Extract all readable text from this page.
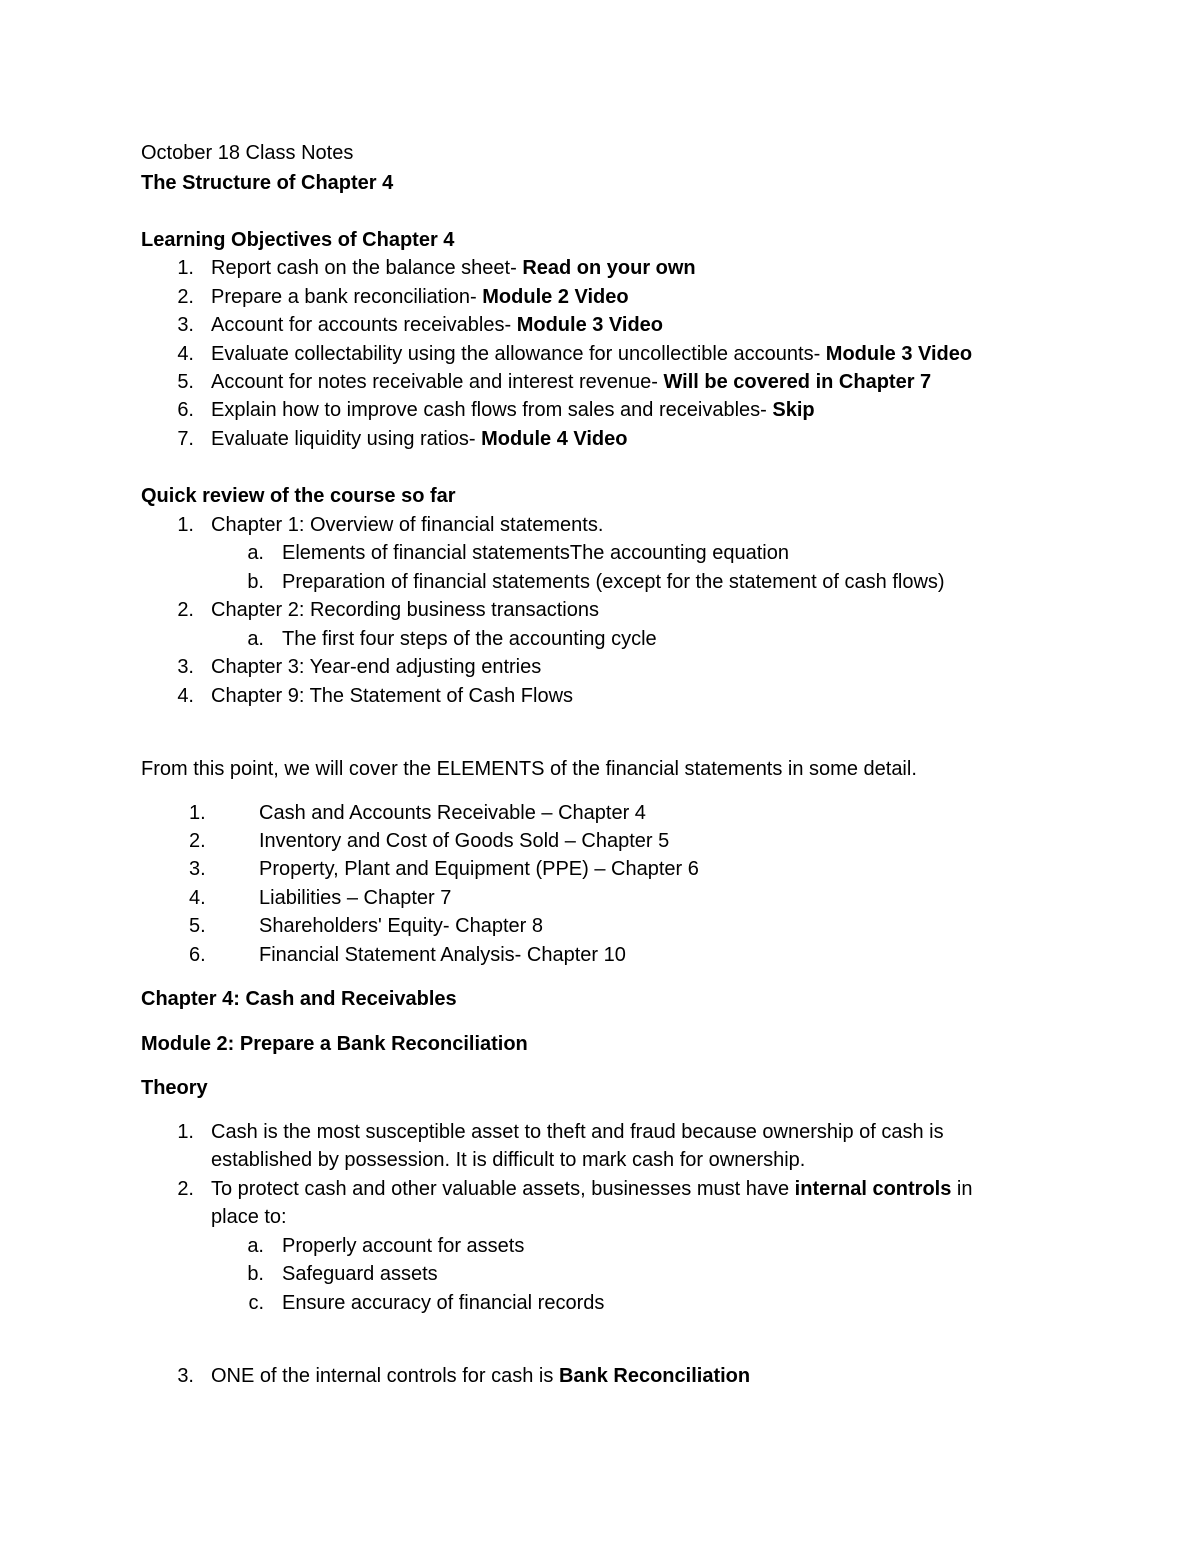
October 18 Class Notes
The Structure of Chapter 4
Learning Objectives of Chapter 4
1. Report cash on the balance sheet- Read on your own
2. Prepare a bank reconciliation- Module 2 Video
3. Account for accounts receivables- Module 3 Video
4. Evaluate collectability using the allowance for uncollectible accounts- Module 3 Video
5. Account for notes receivable and interest revenue- Will be covered in Chapter 7
6. Explain how to improve cash flows from sales and receivables- Skip
7. Evaluate liquidity using ratios- Module 4 Video
Quick review of the course so far
1. Chapter 1: Overview of financial statements.
a. Elements of financial statementsThe accounting equation
b. Preparation of financial statements (except for the statement of cash flows)
2. Chapter 2: Recording business transactions
a. The first four steps of the accounting cycle
3. Chapter 3: Year-end adjusting entries
4. Chapter 9: The Statement of Cash Flows
From this point, we will cover the ELEMENTS of the financial statements in some detail.
1.	Cash and Accounts Receivable – Chapter 4
2.	Inventory and Cost of Goods Sold – Chapter 5
3.	Property, Plant and Equipment (PPE) – Chapter 6
4.	Liabilities – Chapter 7
5.	Shareholders' Equity- Chapter 8
6.	Financial Statement Analysis- Chapter 10
Chapter 4: Cash and Receivables
Module 2: Prepare a Bank Reconciliation
Theory
1. Cash is the most susceptible asset to theft and fraud because ownership of cash is
established by possession. It is difficult to mark cash for ownership.
2. To protect cash and other valuable assets, businesses must have internal controls in
place to:
a. Properly account for assets
b. Safeguard assets
c. Ensure accuracy of financial records
3. ONE of the internal controls for cash is Bank Reconciliation
